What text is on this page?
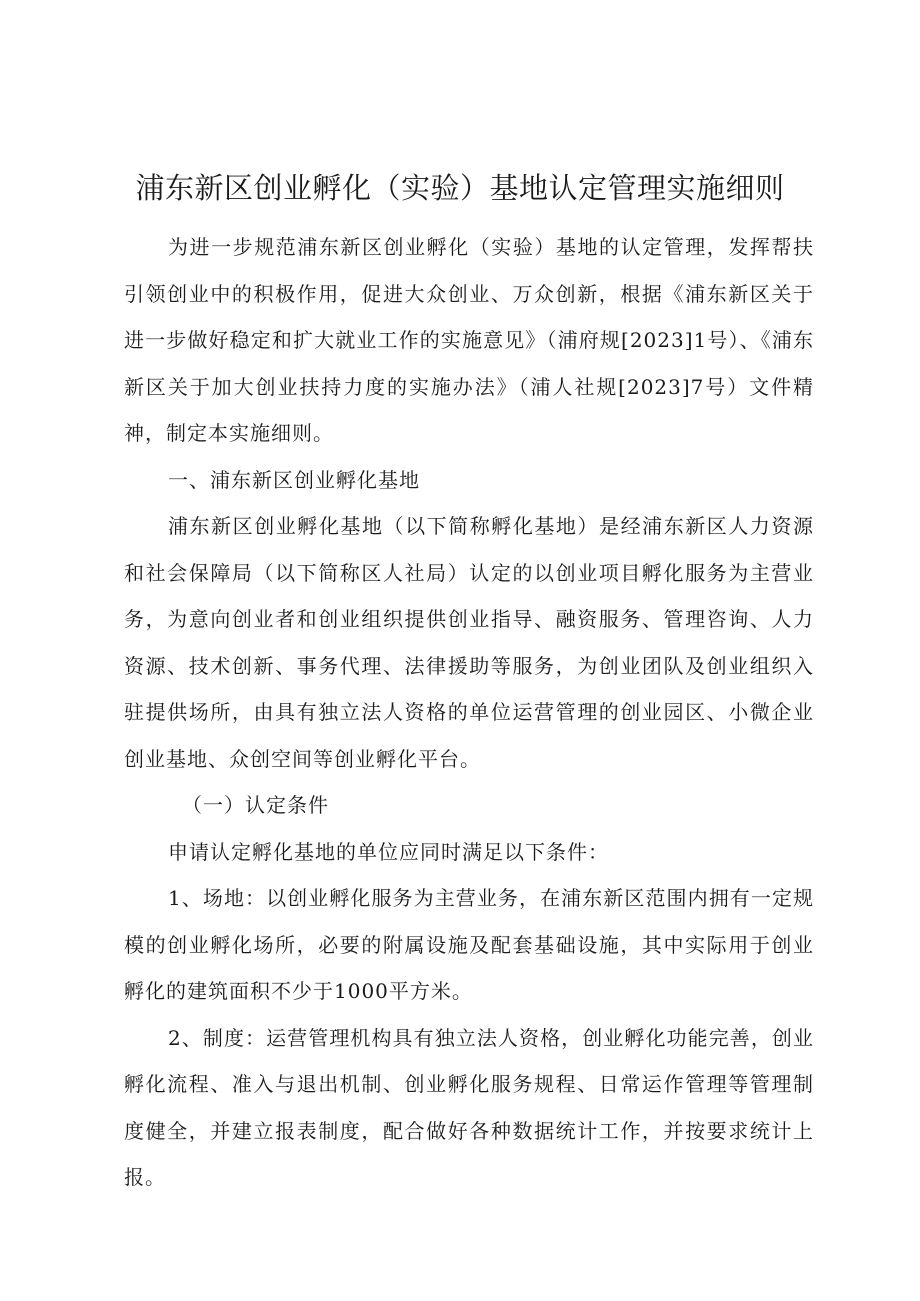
浦东新区创业孵化（实验）基地认定管理实施细则

为进一步规范浦东新区创业孵化（实验）基地的认定管理，发挥帮扶引领创业中的积极作用，促进大众创业、万众创新，根据《浦东新区关于进一步做好稳定和扩大就业工作的实施意见》（浦府规[2023]1号）、《浦东新区关于加大创业扶持力度的实施办法》（浦人社规[2023]7号）文件精神，制定本实施细则。

一、浦东新区创业孵化基地

浦东新区创业孵化基地（以下简称孵化基地）是经浦东新区人力资源和社会保障局（以下简称区人社局）认定的以创业项目孵化服务为主营业务，为意向创业者和创业组织提供创业指导、融资服务、管理咨询、人力资源、技术创新、事务代理、法律援助等服务，为创业团队及创业组织入驻提供场所，由具有独立法人资格的单位运营管理的创业园区、小微企业创业基地、众创空间等创业孵化平台。

（一）认定条件

申请认定孵化基地的单位应同时满足以下条件：

1、场地：以创业孵化服务为主营业务，在浦东新区范围内拥有一定规模的创业孵化场所，必要的附属设施及配套基础设施，其中实际用于创业孵化的建筑面积不少于1000平方米。

2、制度：运营管理机构具有独立法人资格，创业孵化功能完善，创业孵化流程、准入与退出机制、创业孵化服务规程、日常运作管理等管理制度健全，并建立报表制度，配合做好各种数据统计工作，并按要求统计上报。
